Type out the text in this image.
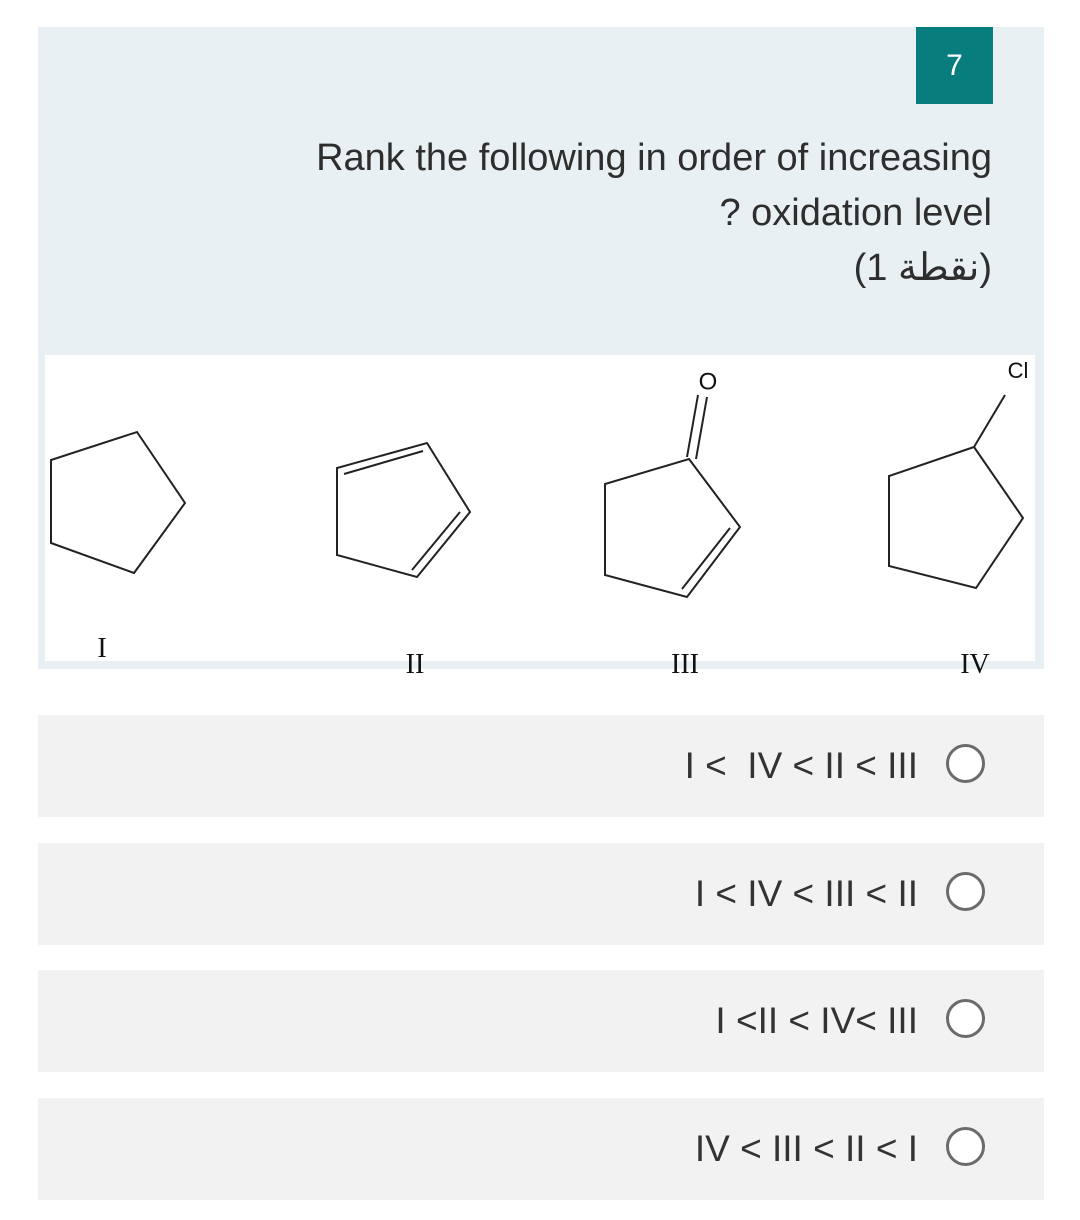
7
Rank the following in order of increasing
? oxidation level
(1 نقطة)
O	Cl
I
II	III	IV
I <  IV < II < III
I < IV < III < II
I <II < IV< III
IV < III < II < I
